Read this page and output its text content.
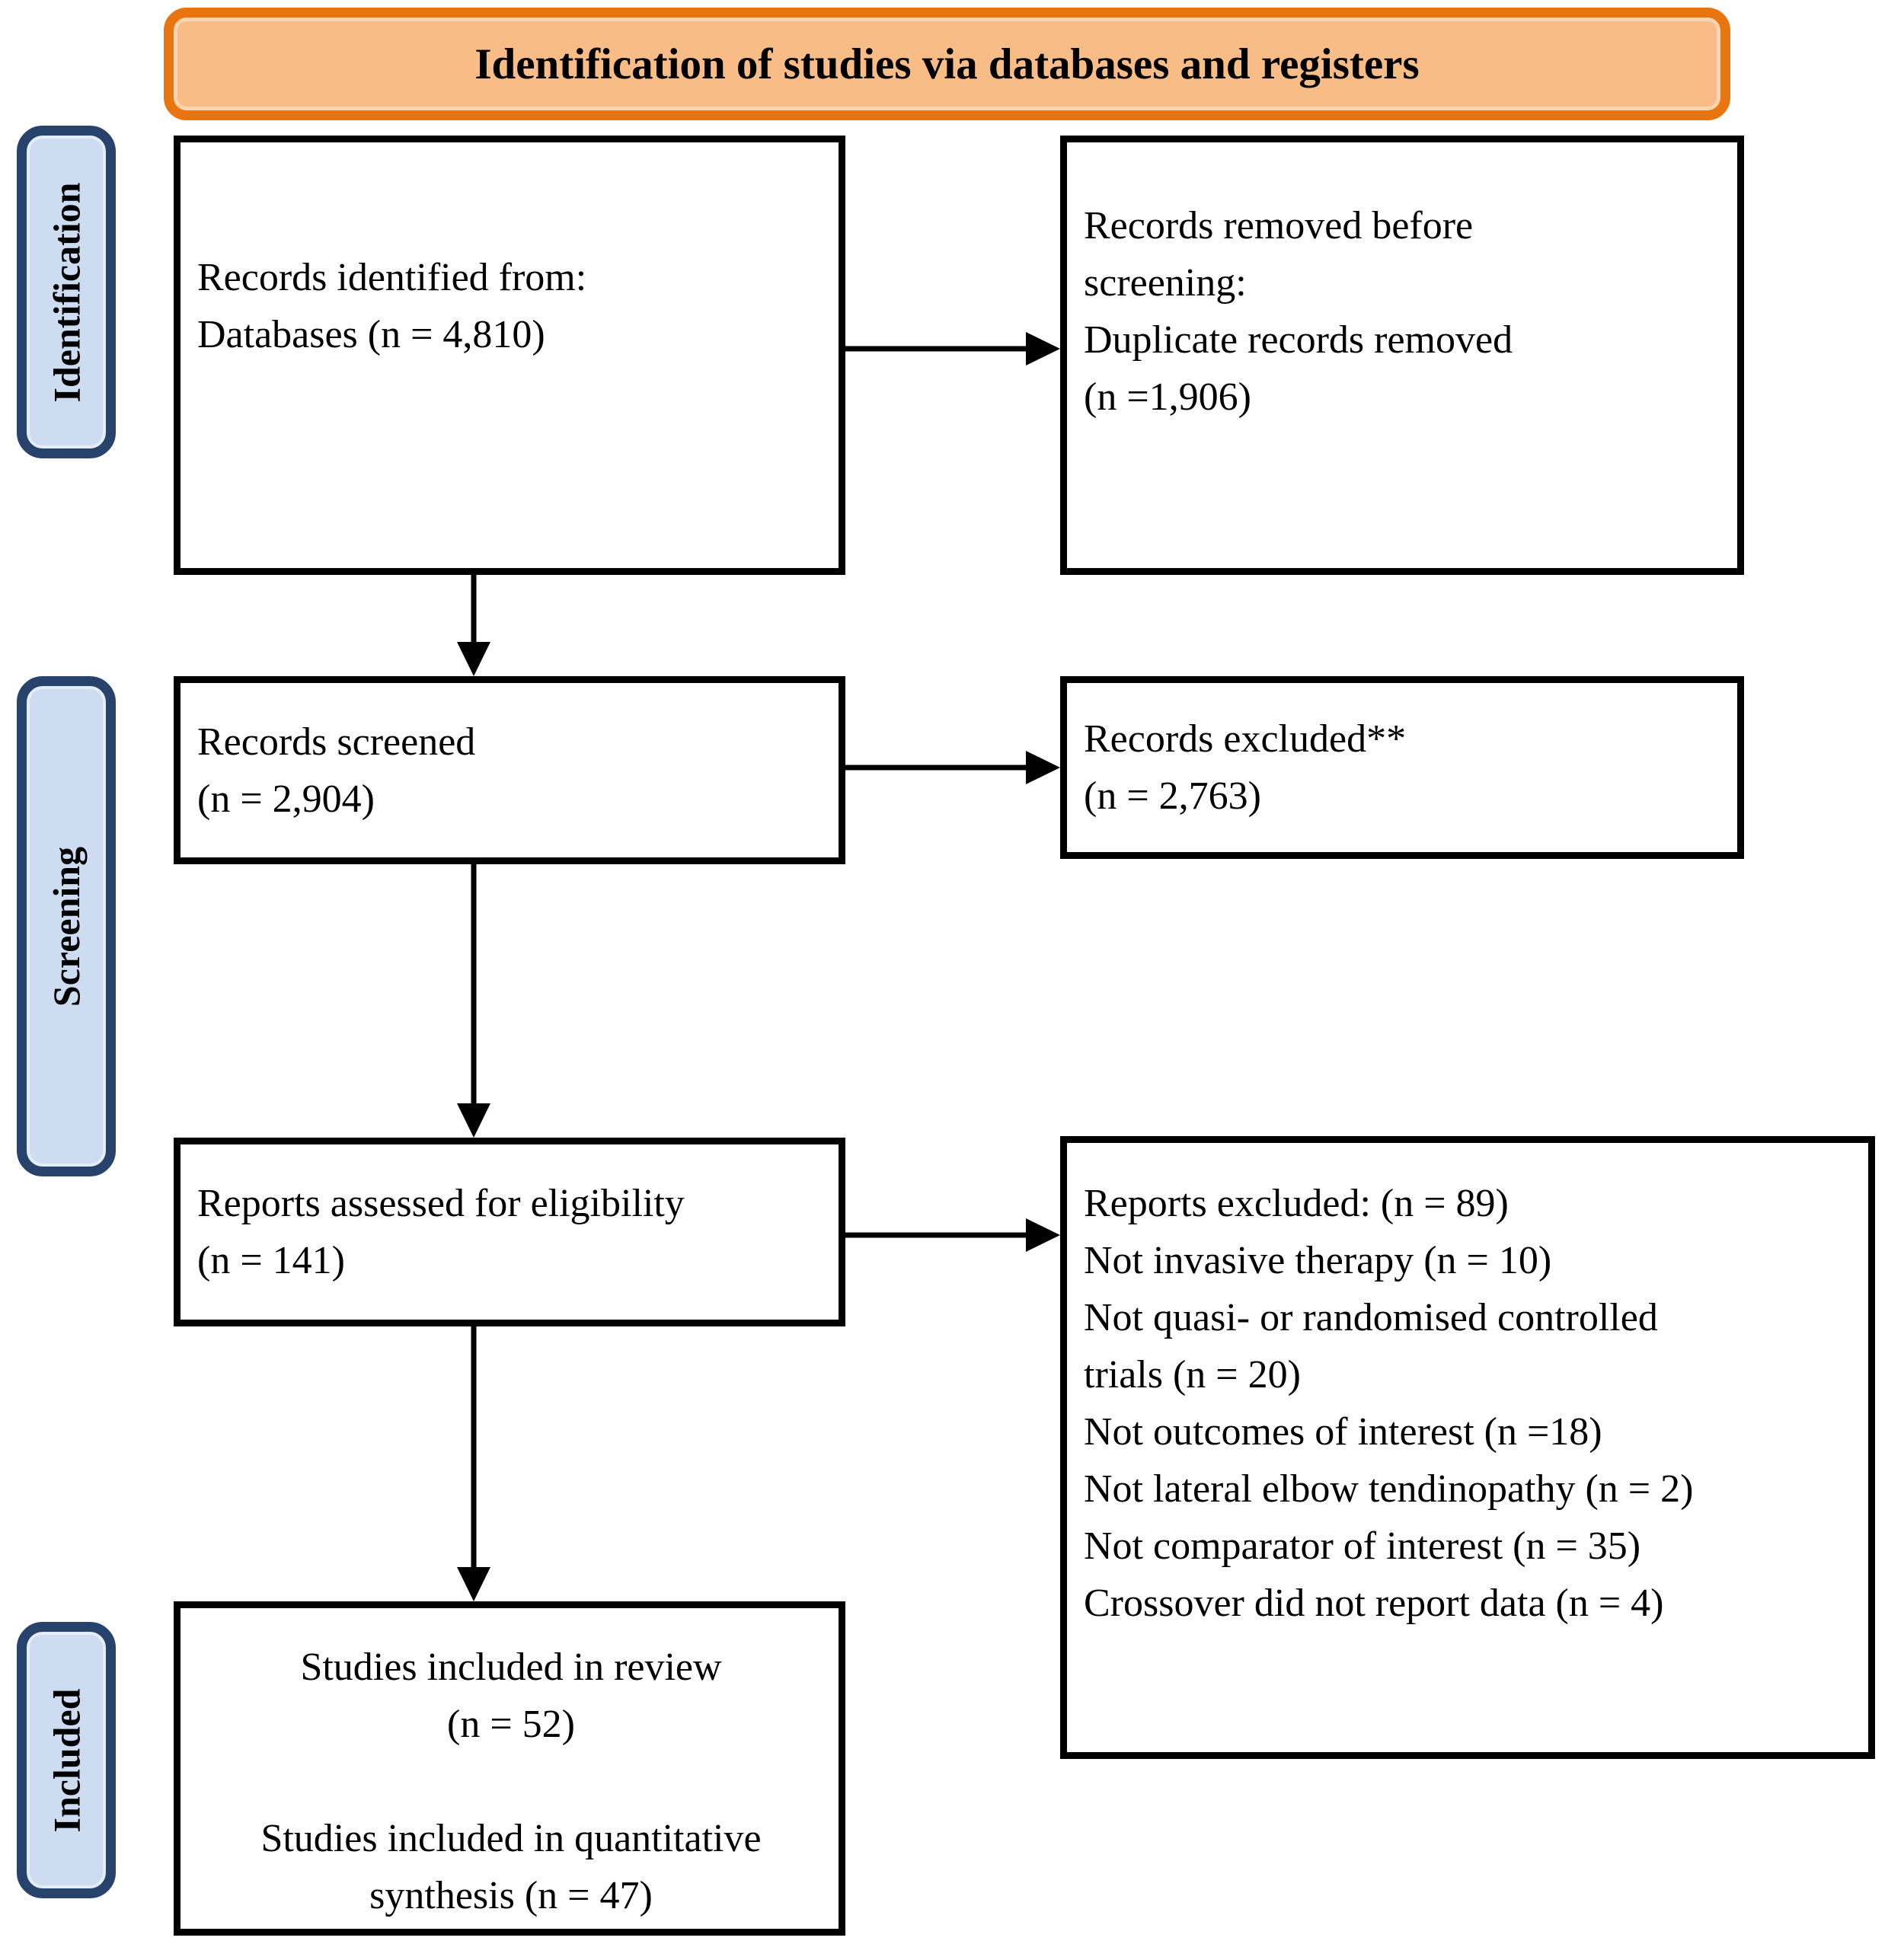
Identification of studies via databases and registers
Identification
Screening
Included
Records identified from:
Databases (n = 4,810)
Records removed before
screening:
Duplicate records removed
(n =1,906)
Records screened
(n = 2,904)
Records excluded**
(n = 2,763)
Reports assessed for eligibility
(n = 141)
Reports excluded: (n = 89)
Not invasive therapy (n = 10)
Not quasi- or randomised controlled
trials (n = 20)
Not outcomes of interest (n =18)
Not lateral elbow tendinopathy (n = 2)
Not comparator of interest (n = 35)
Crossover did not report data (n = 4)
Studies included in review
(n = 52)
Studies included in quantitative
synthesis (n = 47)
